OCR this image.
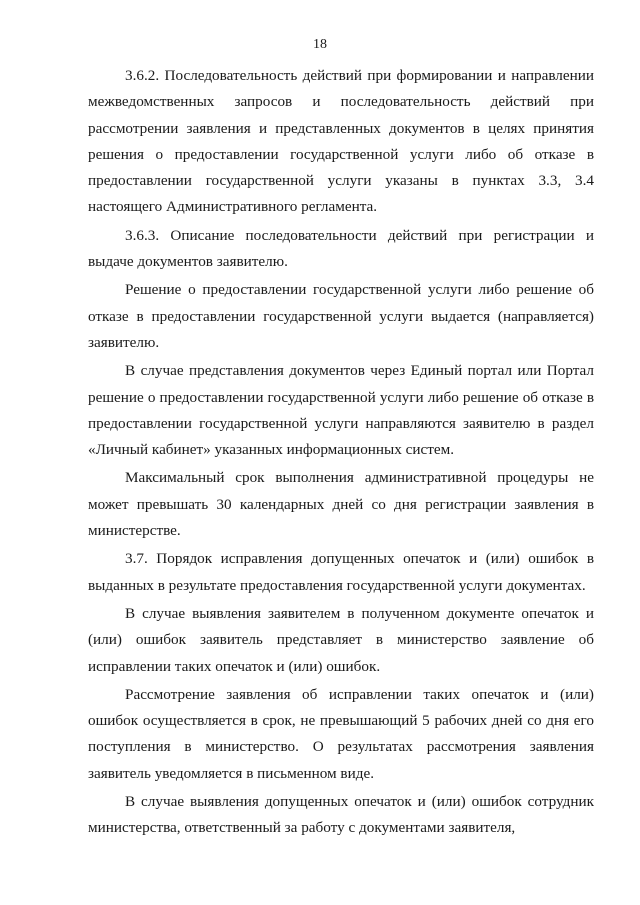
18

3.6.2. Последовательность действий при формировании и направлении межведомственных запросов и последовательность действий при рассмотрении заявления и представленных документов в целях принятия решения о предоставлении государственной услуги либо об отказе в предоставлении государственной услуги указаны в пунктах 3.3, 3.4 настоящего Административного регламента.

3.6.3. Описание последовательности действий при регистрации и выдаче документов заявителю.

Решение о предоставлении государственной услуги либо решение об отказе в предоставлении государственной услуги выдается (направляется) заявителю.

В случае представления документов через Единый портал или Портал решение о предоставлении государственной услуги либо решение об отказе в предоставлении государственной услуги направляются заявителю в раздел «Личный кабинет» указанных информационных систем.

Максимальный срок выполнения административной процедуры не может превышать 30 календарных дней со дня регистрации заявления в министерстве.

3.7. Порядок исправления допущенных опечаток и (или) ошибок в выданных в результате предоставления государственной услуги документах.

В случае выявления заявителем в полученном документе опечаток и (или) ошибок заявитель представляет в министерство заявление об исправлении таких опечаток и (или) ошибок.

Рассмотрение заявления об исправлении таких опечаток и (или) ошибок осуществляется в срок, не превышающий 5 рабочих дней со дня его поступления в министерство. О результатах рассмотрения заявления заявитель уведомляется в письменном виде.

В случае выявления допущенных опечаток и (или) ошибок сотрудник министерства, ответственный за работу с документами заявителя,
